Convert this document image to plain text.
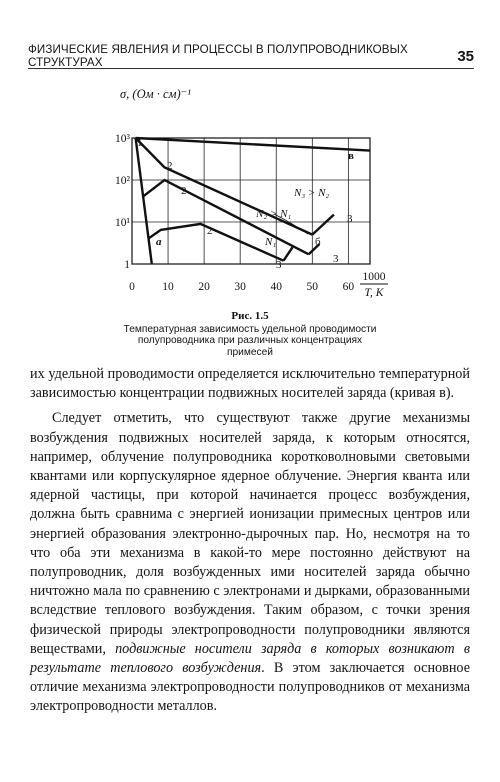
ФИЗИЧЕСКИЕ ЯВЛЕНИЯ И ПРОЦЕССЫ В ПОЛУПРОВОДНИКОВЫХ СТРУКТУРАХ	35
σ, (Ом · см)⁻¹
1
10¹
10²
10³
0 10 20 30 40 50 60
1000
T, K
1
2
2
2
3
3
3
в
а	б
N₁
N₂ > N₁
N₃ > N₂
Рис. 1.5
Температурная зависимость удельной проводимости полупроводника при различных концентрациях примесей

их удельной проводимости определяется исключительно температурной зависимостью концентрации подвижных носителей заряда (кривая в).

Следует отметить, что существуют также другие механизмы возбуждения подвижных носителей заряда, к которым относятся, например, облучение полупроводника коротковолновыми световыми квантами или корпускулярное ядерное облучение. Энергия кванта или ядерной частицы, при которой начинается процесс возбуждения, должна быть сравнима с энергией ионизации примесных центров или энергией образования электронно-дырочных пар. Но, несмотря на то что оба эти механизма в какой-то мере постоянно действуют на полупроводник, доля возбужденных ими носителей заряда обычно ничтожно мала по сравнению с электронами и дырками, образованными вследствие теплового возбуждения. Таким образом, с точки зрения физической природы электропроводности полупроводники являются веществами, подвижные носители заряда в которых возникают в результате теплового возбуждения. В этом заключается основное отличие механизма электропроводности полупроводников от механизма электропроводности металлов.
